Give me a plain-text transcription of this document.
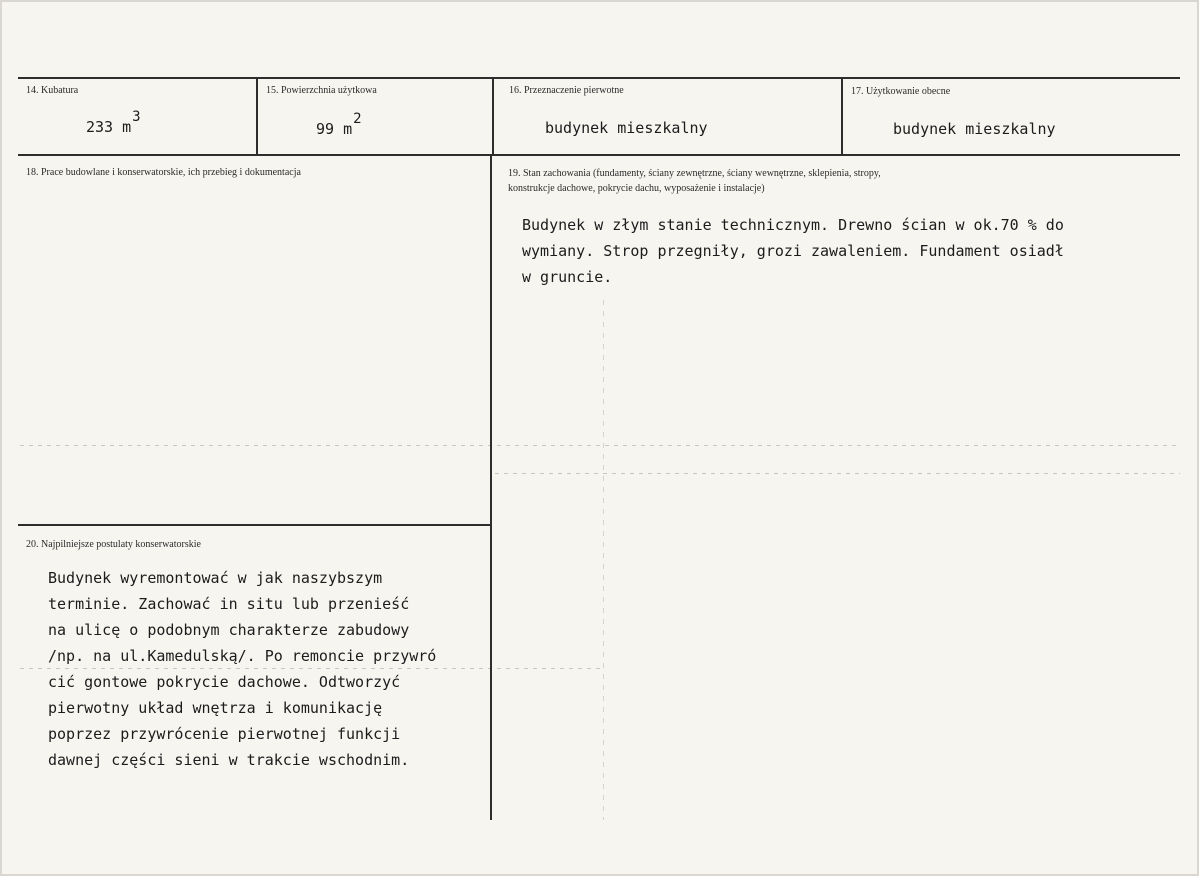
14. Kubatura
233 m3
15. Powierzchnia użytkowa
99 m2
16. Przeznaczenie pierwotne
budynek mieszkalny
17. Użytkowanie obecne
budynek mieszkalny
18. Prace budowlane i konserwatorskie, ich przebieg i dokumentacja	19. Stan zachowania (fundamenty, ściany zewnętrzne, ściany wewnętrzne, sklepienia, stropy,
konstrukcje dachowe, pokrycie dachu, wyposażenie i instalacje)
Budynek w złym stanie technicznym. Drewno ścian w ok.70 % do
wymiany. Strop przegniły, grozi zawaleniem. Fundament osiadł
w gruncie.
20. Najpilniejsze postulaty konserwatorskie
Budynek wyremontować w jak naszybszym
terminie. Zachować in situ lub przenieść
na ulicę o podobnym charakterze zabudowy
/np. na ul.Kamedulską/. Po remoncie przywró
cić gontowe pokrycie dachowe. Odtworzyć
pierwotny układ wnętrza i komunikację
poprzez przywrócenie pierwotnej funkcji
dawnej części sieni w trakcie wschodnim.
